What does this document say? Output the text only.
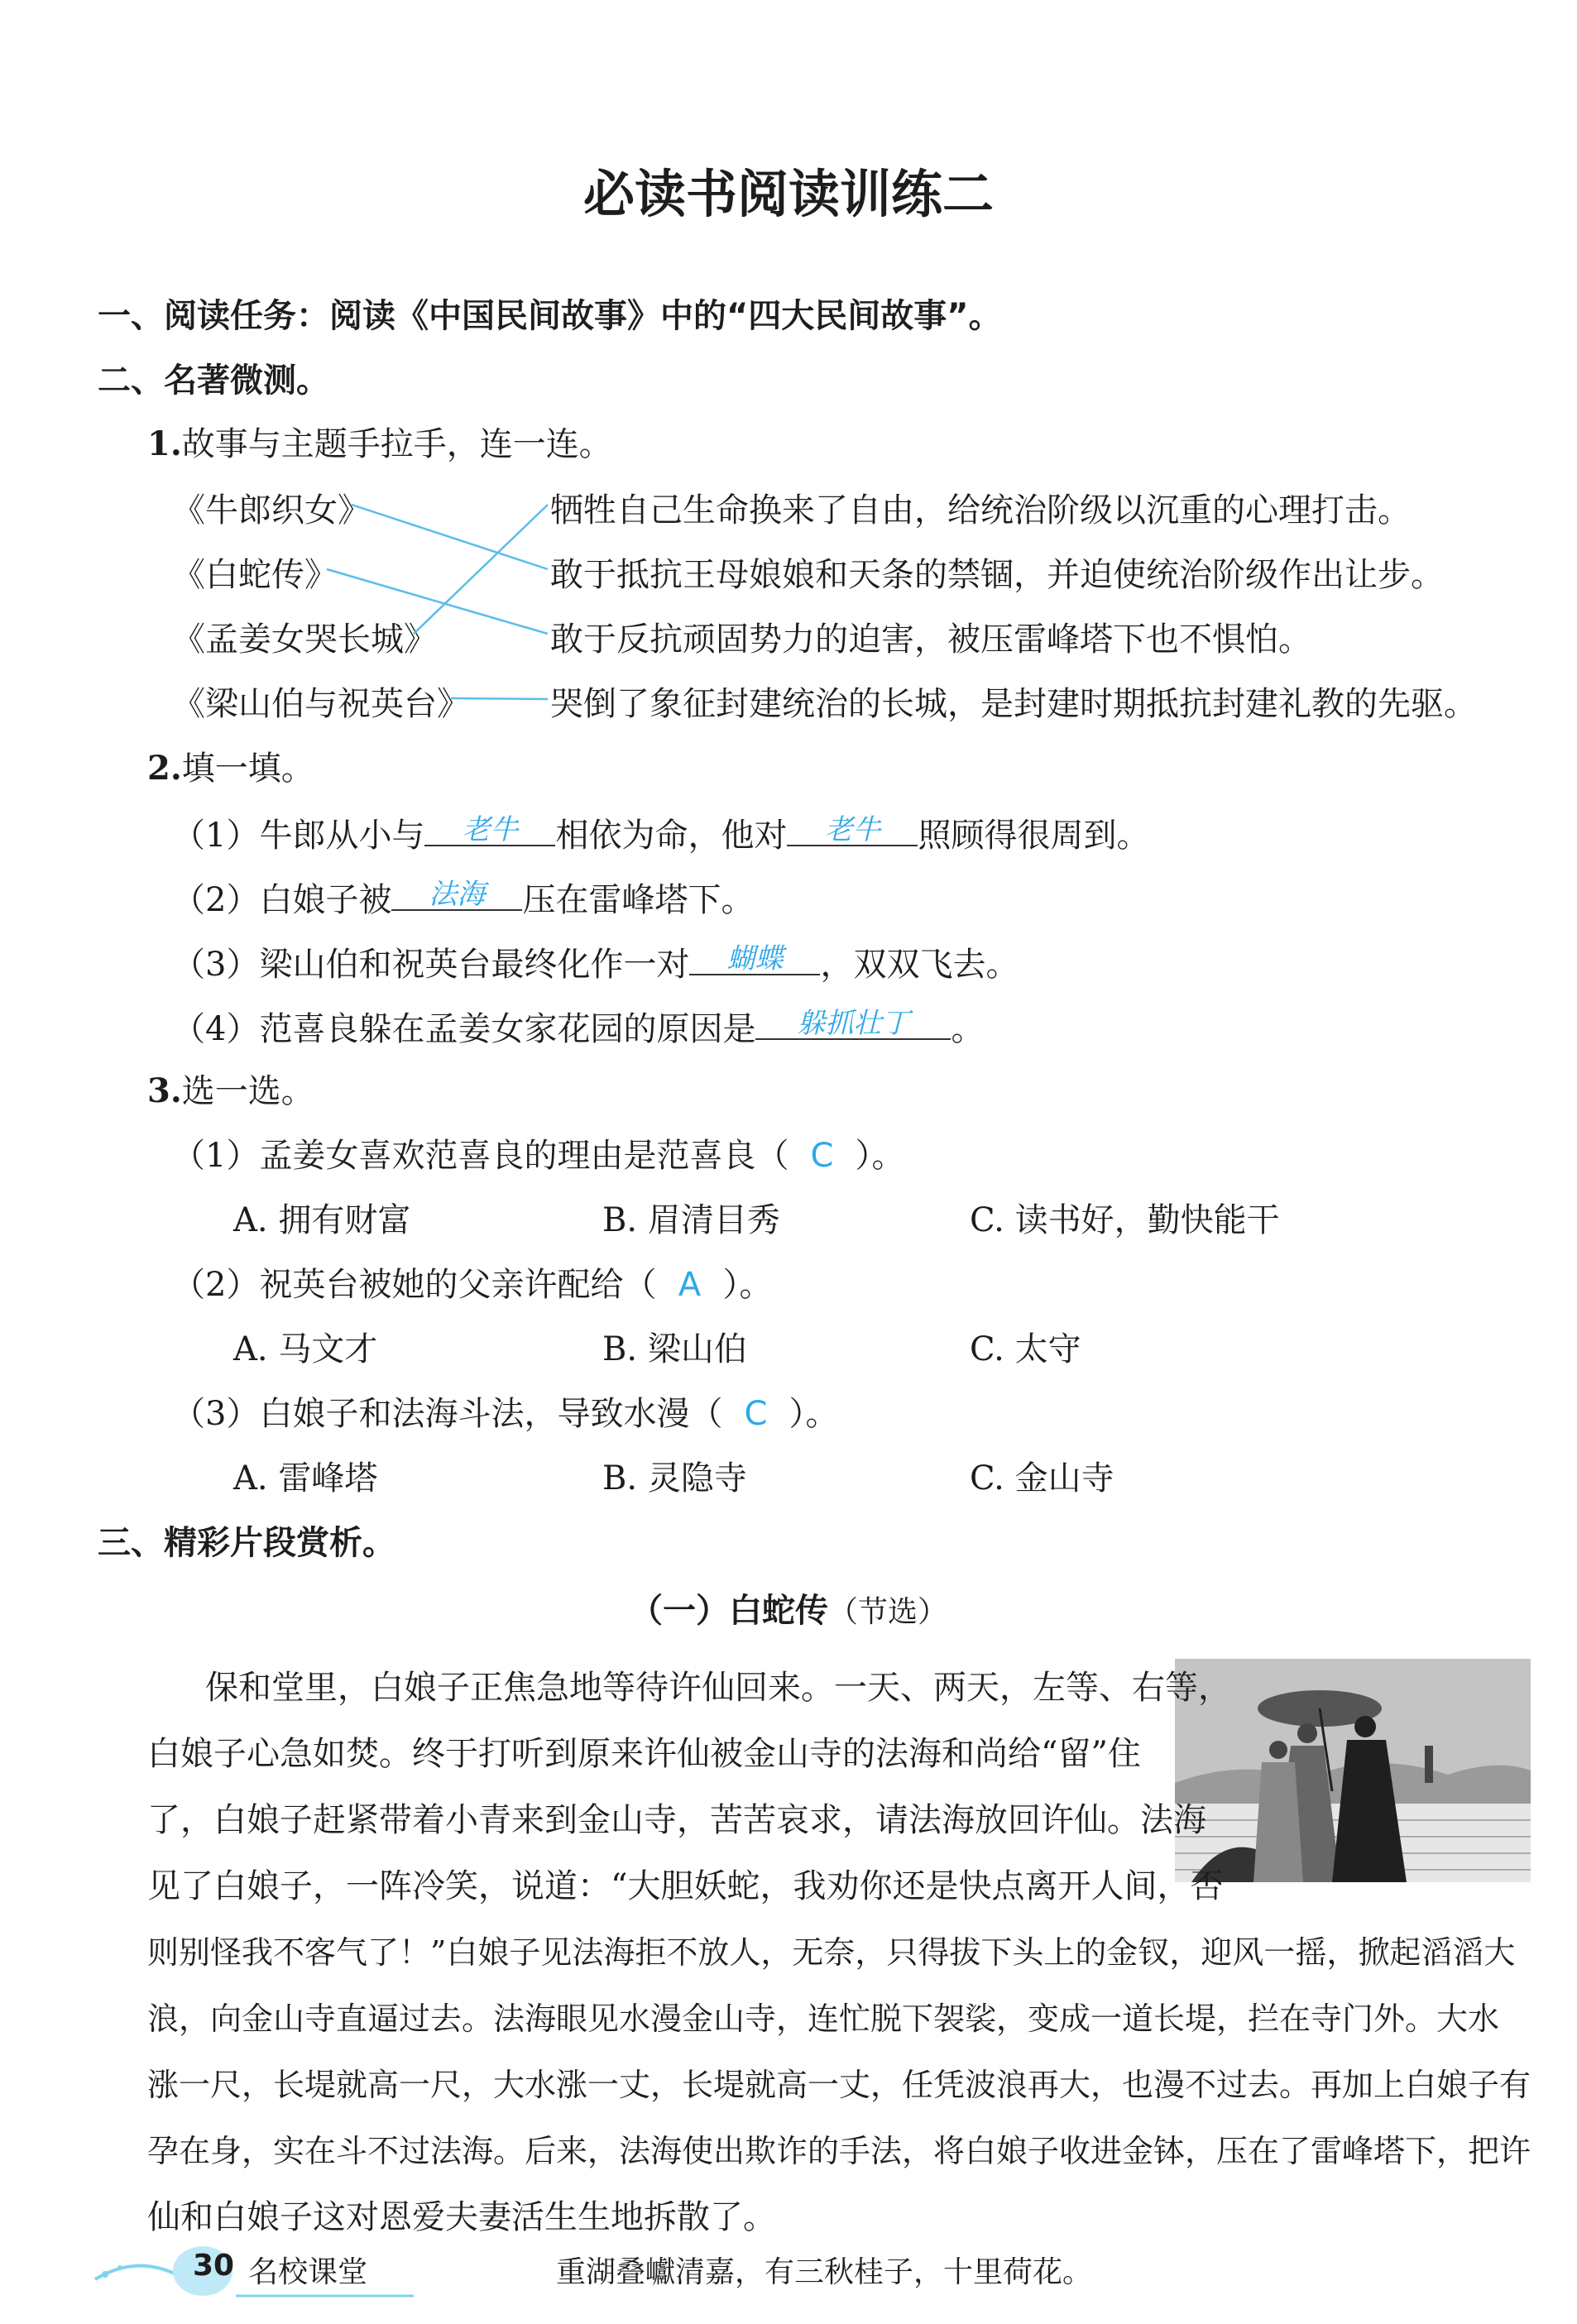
必读书阅读训练二
一、阅读任务：阅读《中国民间故事》中的“四大民间故事”。
二、名著微测。
1.故事与主题手拉手，连一连。
《牛郎织女》
《白蛇传》
《孟姜女哭长城》
《梁山伯与祝英台》
牺牲自己生命换来了自由，给统治阶级以沉重的心理打击。
敢于抵抗王母娘娘和天条的禁锢，并迫使统治阶级作出让步。
敢于反抗顽固势力的迫害，被压雷峰塔下也不惧怕。
哭倒了象征封建统治的长城，是封建时期抵抗封建礼教的先驱。
2.填一填。
（1）牛郎从小与	老牛	相依为命，他对	老牛	照顾得很周到。
（2）白娘子被	法海	压在雷峰塔下。
（3）梁山伯和祝英台最终化作一对	蝴蝶	，双双飞去。
（4）范喜良躲在孟姜女家花园的原因是	躲抓壮丁	。
3.选一选。
（1）孟姜女喜欢范喜良的理由是范喜良（ C ）。
A. 拥有财富	B. 眉清目秀	C. 读书好，勤快能干
（2）祝英台被她的父亲许配给（ A ）。
A. 马文才	B. 梁山伯	C. 太守
（3）白娘子和法海斗法，导致水漫（ C ）。
A. 雷峰塔	B. 灵隐寺	C. 金山寺
三、精彩片段赏析。
（一）白蛇传（节选）
保和堂里，白娘子正焦急地等待许仙回来。一天、两天，左等、右等，
白娘子心急如焚。终于打听到原来许仙被金山寺的法海和尚给“留”住
了，白娘子赶紧带着小青来到金山寺，苦苦哀求，请法海放回许仙。法海
见了白娘子，一阵冷笑，说道：“大胆妖蛇，我劝你还是快点离开人间，否
则别怪我不客气了！”白娘子见法海拒不放人，无奈，只得拔下头上的金钗，迎风一摇，掀起滔滔大
浪，向金山寺直逼过去。法海眼见水漫金山寺，连忙脱下袈裟，变成一道长堤，拦在寺门外。大水
涨一尺，长堤就高一尺，大水涨一丈，长堤就高一丈，任凭波浪再大，也漫不过去。再加上白娘子有
孕在身，实在斗不过法海。后来，法海使出欺诈的手法，将白娘子收进金钵，压在了雷峰塔下，把许
仙和白娘子这对恩爱夫妻活生生地拆散了。
30 名校课堂	重湖叠巘清嘉，有三秋桂子，十里荷花。
